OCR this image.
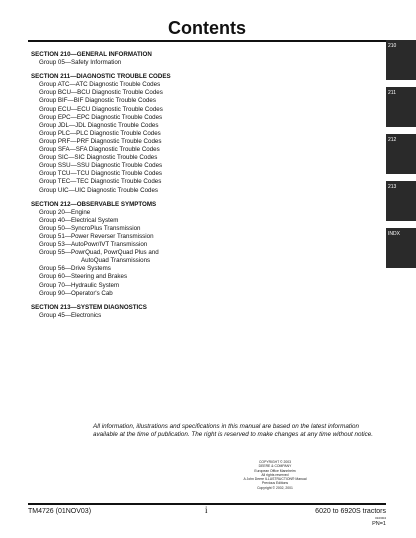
Contents
SECTION 210—GENERAL INFORMATION
Group 05—Safety Information
SECTION 211—DIAGNOSTIC TROUBLE CODES
Group ATC—ATC Diagnostic Trouble Codes
Group BCU—BCU Diagnostic Trouble Codes
Group BIF—BIF Diagnostic Trouble Codes
Group ECU—ECU Diagnostic Trouble Codes
Group EPC—EPC Diagnostic Trouble Codes
Group JDL—JDL Diagnostic Trouble Codes
Group PLC—PLC Diagnostic Trouble Codes
Group PRF—PRF Diagnostic Trouble Codes
Group SFA—SFA Diagnostic Trouble Codes
Group SIC—SIC Diagnostic Trouble Codes
Group SSU—SSU Diagnostic Trouble Codes
Group TCU—TCU Diagnostic Trouble Codes
Group TEC—TEC Diagnostic Trouble Codes
Group UIC—UIC Diagnostic Trouble Codes
SECTION 212—OBSERVABLE SYMPTOMS
Group 20—Engine
Group 40—Electrical System
Group 50—SyncroPlus Transmission
Group 51—Power Reverser Transmission
Group 53—AutoPowr/IVT Transmission
Group 55—PowrQuad, PowrQuad Plus and
AutoQuad Transmissions
Group 56—Drive Systems
Group 60—Steering and Brakes
Group 70—Hydraulic System
Group 90—Operator's Cab
SECTION 213—SYSTEM DIAGNOSTICS
Group 45—Electronics
210
211
212
213
INDX
All information, illustrations and specifications in this manual are based on the latest information available at the time of publication. The right is reserved to make changes at any time without notice.
COPYRIGHT © 2003
DEERE & COMPANY
European Office Mannheim
All rights reserved
A John Deere ILLUSTRUCTION® Manual
Previous Editions
Copyright © 2002, 2001
TM4726 (01NOV03)	i	6020 to 6920S tractors
010/004
PN=1
